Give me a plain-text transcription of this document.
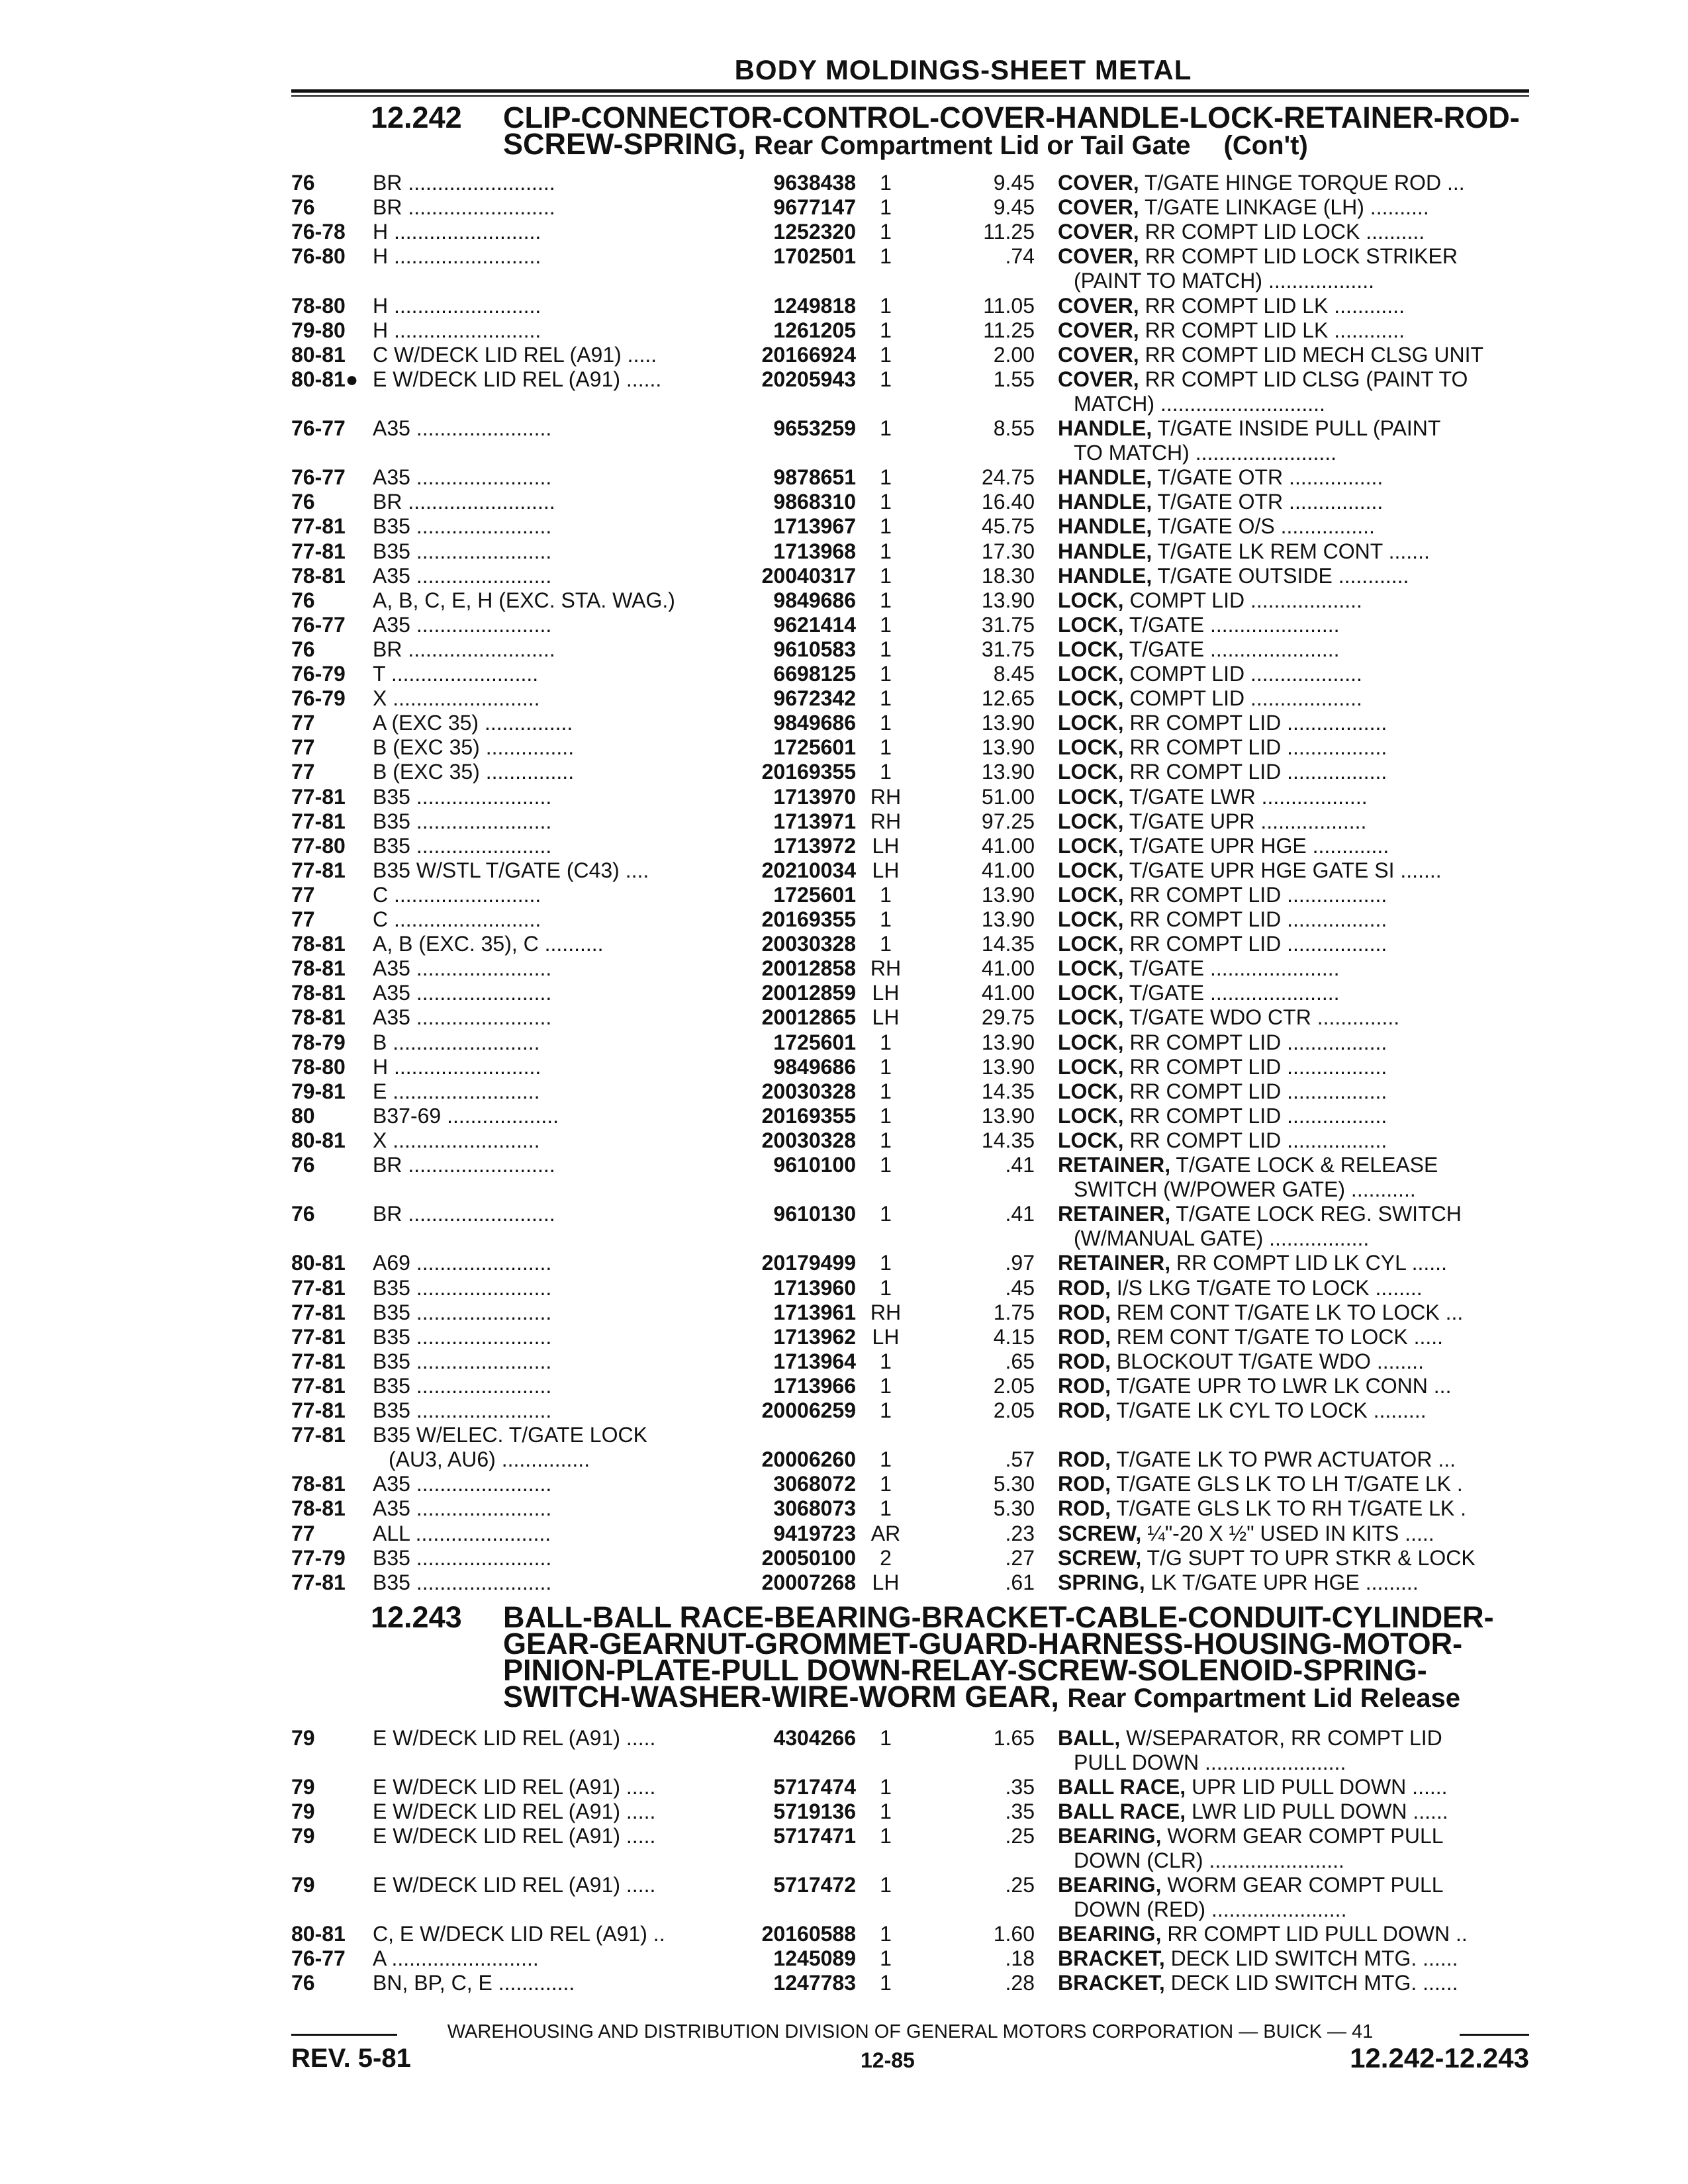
BODY MOLDINGS-SHEET METAL
12.242 CLIP-CONNECTOR-CONTROL-COVER-HANDLE-LOCK-RETAINER-ROD-
SCREW-SPRING, Rear Compartment Lid or Tail Gate (Con't)
76	BR .........................	9638438	1	9.45 COVER, T/GATE HINGE TORQUE ROD ...
76	BR .........................	9677147	1	9.45 COVER, T/GATE LINKAGE (LH) ..........
76-78 H .........................	1252320	1	11.25 COVER, RR COMPT LID LOCK ..........
76-80 H .........................	1702501	1	.74 COVER, RR COMPT LID LOCK STRIKER
(PAINT TO MATCH) ..................
78-80 H .........................	1249818	1	11.05 COVER, RR COMPT LID LK ............
79-80 H .........................	1261205	1	11.25 COVER, RR COMPT LID LK ............
80-81 C W/DECK LID REL (A91) .....	20166924	1	2.00 COVER, RR COMPT LID MECH CLSG UNIT
80-81● E W/DECK LID REL (A91) ......	20205943	1	1.55 COVER, RR COMPT LID CLSG (PAINT TO
MATCH) ............................
76-77 A35 .......................	9653259	1	8.55 HANDLE, T/GATE INSIDE PULL (PAINT
TO MATCH) ........................
76-77 A35 .......................	9878651	1	24.75 HANDLE, T/GATE OTR ................
76	BR .........................	9868310	1	16.40 HANDLE, T/GATE OTR ................
77-81 B35 .......................	1713967	1	45.75 HANDLE, T/GATE O/S ................
77-81 B35 .......................	1713968	1	17.30 HANDLE, T/GATE LK REM CONT .......
78-81 A35 .......................	20040317	1	18.30 HANDLE, T/GATE OUTSIDE ............
76	A, B, C, E, H (EXC. STA. WAG.)	9849686	1	13.90 LOCK, COMPT LID ...................
76-77 A35 .......................	9621414	1	31.75 LOCK, T/GATE ......................
76	BR .........................	9610583	1	31.75 LOCK, T/GATE ......................
76-79 T .........................	6698125	1	8.45 LOCK, COMPT LID ...................
76-79 X .........................	9672342	1	12.65 LOCK, COMPT LID ...................
77	A (EXC 35) ...............	9849686	1	13.90 LOCK, RR COMPT LID .................
77	B (EXC 35) ...............	1725601	1	13.90 LOCK, RR COMPT LID .................
77	B (EXC 35) ...............	20169355	1	13.90 LOCK, RR COMPT LID .................
77-81 B35 .......................	1713970 RH	51.00 LOCK, T/GATE LWR ..................
77-81 B35 .......................	1713971 RH	97.25 LOCK, T/GATE UPR ..................
77-80 B35 .......................	1713972 LH	41.00 LOCK, T/GATE UPR HGE .............
77-81 B35 W/STL T/GATE (C43) ....	20210034 LH	41.00 LOCK, T/GATE UPR HGE GATE SI .......
77	C .........................	1725601	1	13.90 LOCK, RR COMPT LID .................
77	C .........................	20169355	1	13.90 LOCK, RR COMPT LID .................
78-81 A, B (EXC. 35), C ..........	20030328	1	14.35 LOCK, RR COMPT LID .................
78-81 A35 .......................	20012858 RH	41.00 LOCK, T/GATE ......................
78-81 A35 .......................	20012859 LH	41.00 LOCK, T/GATE ......................
78-81 A35 .......................	20012865 LH	29.75 LOCK, T/GATE WDO CTR ..............
78-79 B .........................	1725601	1	13.90 LOCK, RR COMPT LID .................
78-80 H .........................	9849686	1	13.90 LOCK, RR COMPT LID .................
79-81 E .........................	20030328	1	14.35 LOCK, RR COMPT LID .................
80	B37-69 ...................	20169355	1	13.90 LOCK, RR COMPT LID .................
80-81 X .........................	20030328	1	14.35 LOCK, RR COMPT LID .................
76	BR .........................	9610100	1	.41 RETAINER, T/GATE LOCK & RELEASE
SWITCH (W/POWER GATE) ...........
76	BR .........................	9610130	1	.41 RETAINER, T/GATE LOCK REG. SWITCH
(W/MANUAL GATE) .................
80-81 A69 .......................	20179499	1	.97 RETAINER, RR COMPT LID LK CYL ......
77-81 B35 .......................	1713960	1	.45 ROD, I/S LKG T/GATE TO LOCK ........
77-81 B35 .......................	1713961 RH	1.75 ROD, REM CONT T/GATE LK TO LOCK ...
77-81 B35 .......................	1713962 LH	4.15 ROD, REM CONT T/GATE TO LOCK .....
77-81 B35 .......................	1713964	1	.65 ROD, BLOCKOUT T/GATE WDO ........
77-81 B35 .......................	1713966	1	2.05 ROD, T/GATE UPR TO LWR LK CONN ...
77-81 B35 .......................	20006259	1	2.05 ROD, T/GATE LK CYL TO LOCK .........
77-81 B35 W/ELEC. T/GATE LOCK
(AU3, AU6) ...............	20006260	1	.57 ROD, T/GATE LK TO PWR ACTUATOR ...
78-81 A35 .......................	3068072	1	5.30 ROD, T/GATE GLS LK TO LH T/GATE LK .
78-81 A35 .......................	3068073	1	5.30 ROD, T/GATE GLS LK TO RH T/GATE LK .
77	ALL .......................	9419723 AR	.23 SCREW, ¼"-20 X ½" USED IN KITS .....
77-79 B35 .......................	20050100	2	.27 SCREW, T/G SUPT TO UPR STKR & LOCK
77-81 B35 .......................	20007268 LH	.61 SPRING, LK T/GATE UPR HGE .........
12.243 BALL-BALL RACE-BEARING-BRACKET-CABLE-CONDUIT-CYLINDER-
GEAR-GEARNUT-GROMMET-GUARD-HARNESS-HOUSING-MOTOR-
PINION-PLATE-PULL DOWN-RELAY-SCREW-SOLENOID-SPRING-
SWITCH-WASHER-WIRE-WORM GEAR, Rear Compartment Lid Release
79	E W/DECK LID REL (A91) .....	4304266	1	1.65 BALL, W/SEPARATOR, RR COMPT LID
PULL DOWN ........................
79	E W/DECK LID REL (A91) .....	5717474	1	.35 BALL RACE, UPR LID PULL DOWN ......
79	E W/DECK LID REL (A91) .....	5719136	1	.35 BALL RACE, LWR LID PULL DOWN ......
79	E W/DECK LID REL (A91) .....	5717471	1	.25 BEARING, WORM GEAR COMPT PULL
DOWN (CLR) .......................
79	E W/DECK LID REL (A91) .....	5717472	1	.25 BEARING, WORM GEAR COMPT PULL
DOWN (RED) .......................
80-81 C, E W/DECK LID REL (A91) ..	20160588	1	1.60 BEARING, RR COMPT LID PULL DOWN ..
76-77 A .........................	1245089	1	.18 BRACKET, DECK LID SWITCH MTG. ......
76	BN, BP, C, E .............	1247783	1	.28 BRACKET, DECK LID SWITCH MTG. ......
WAREHOUSING AND DISTRIBUTION DIVISION OF GENERAL MOTORS CORPORATION — BUICK — 41
REV. 5-81	12-85	12.242-12.243
